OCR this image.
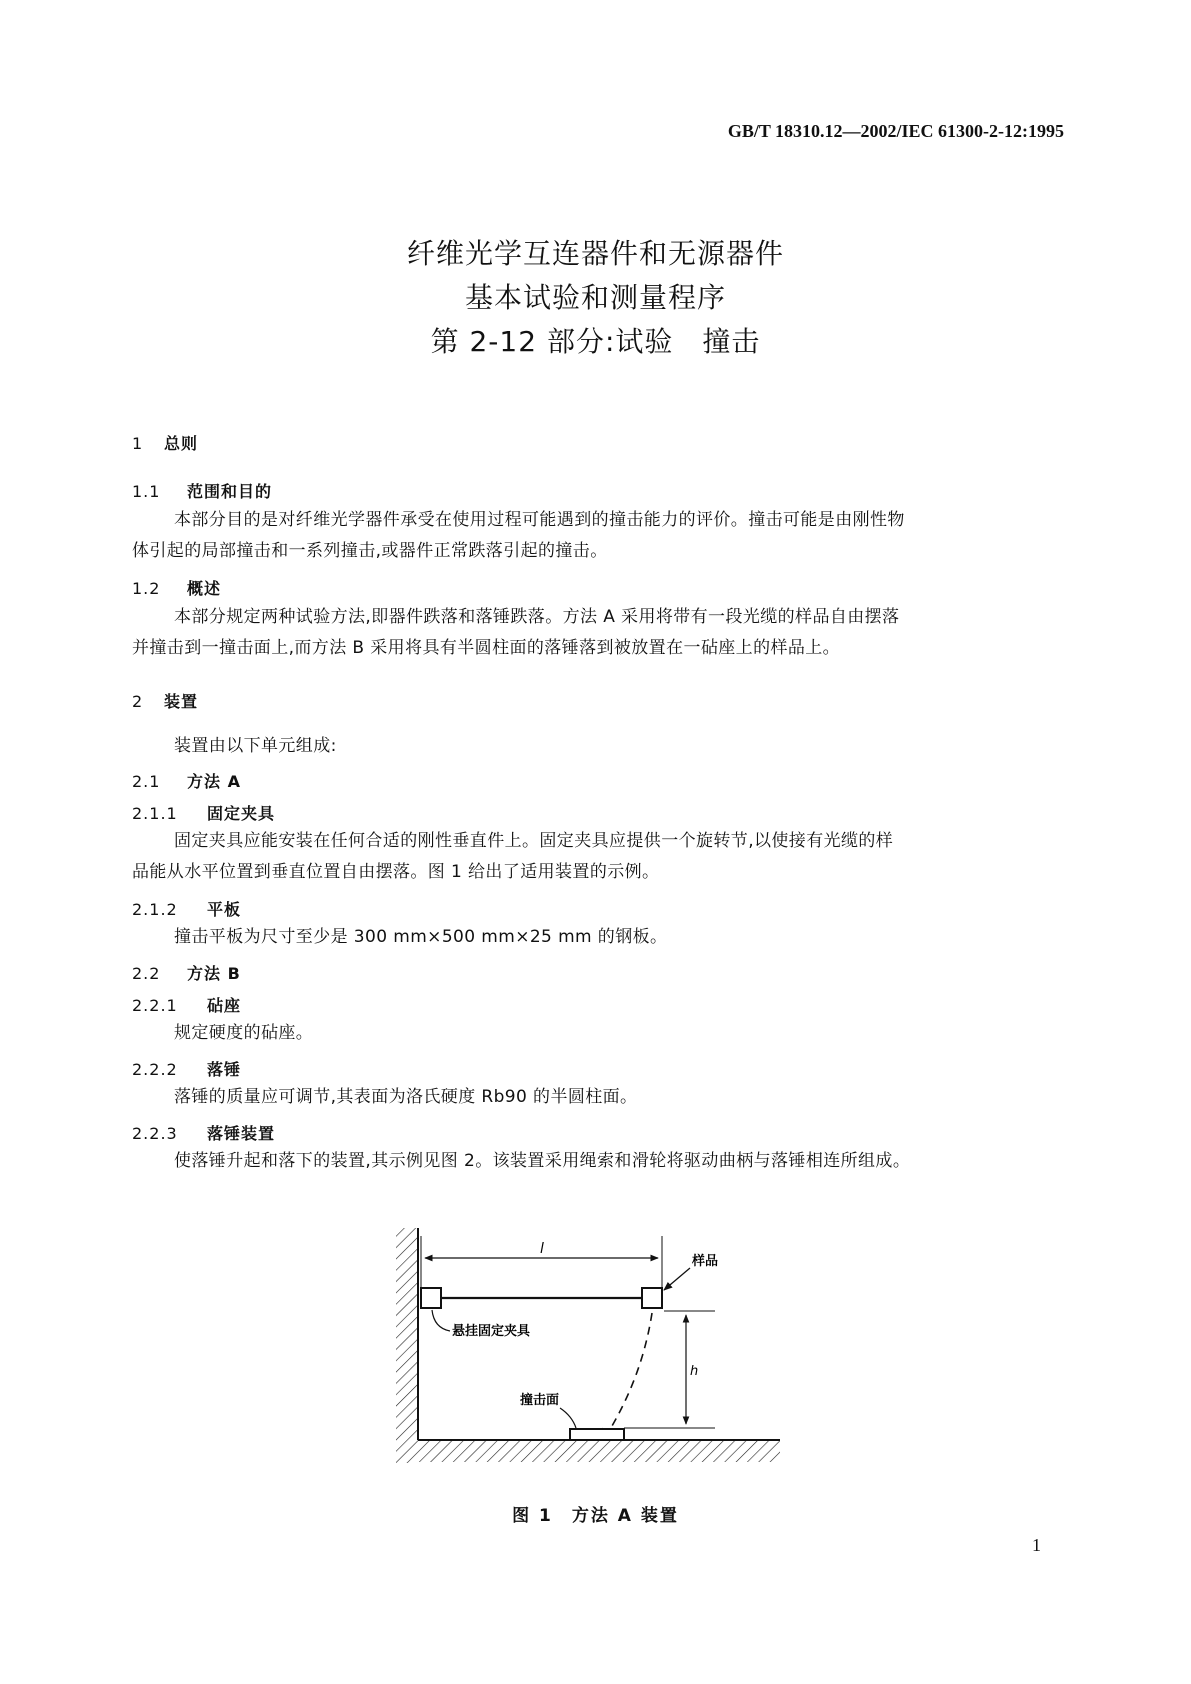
GB/T 18310.12—2002/IEC 61300-2-12:1995
纤维光学互连器件和无源器件
基本试验和测量程序
第 2-12 部分:试验　撞击
1 总则
1.1 范围和目的

本部分目的是对纤维光学器件承受在使用过程可能遇到的撞击能力的评价。撞击可能是由刚性物

体引起的局部撞击和一系列撞击,或器件正常跌落引起的撞击。

1.2 概述

本部分规定两种试验方法,即器件跌落和落锤跌落。方法 A 采用将带有一段光缆的样品自由摆落

并撞击到一撞击面上,而方法 B 采用将具有半圆柱面的落锤落到被放置在一砧座上的样品上。

2 装置

装置由以下单元组成:

2.1 方法 A
2.1.1 固定夹具

固定夹具应能安装在任何合适的刚性垂直件上。固定夹具应提供一个旋转节,以使接有光缆的样

品能从水平位置到垂直位置自由摆落。图 1 给出了适用装置的示例。

2.1.2 平板

撞击平板为尺寸至少是 300 mm×500 mm×25 mm 的钢板。

2.2 方法 B
2.2.1 砧座

规定硬度的砧座。

2.2.2 落锤

落锤的质量应可调节,其表面为洛氏硬度 Rb90 的半圆柱面。

2.2.3 落锤装置

使落锤升起和落下的装置,其示例见图 2。该装置采用绳索和滑轮将驱动曲柄与落锤相连所组成。

l
样品
h
撞击面
悬挂固定夹具
图 1　方法 A 装置
1
